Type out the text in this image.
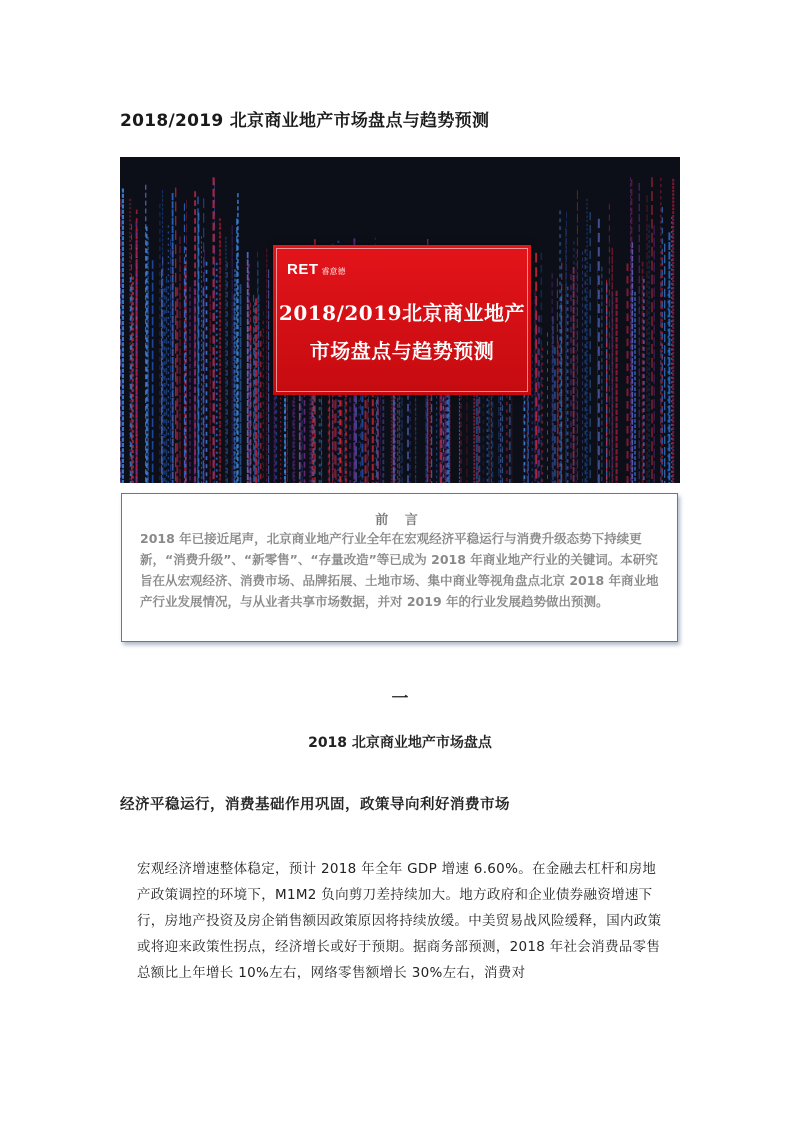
2018/2019 北京商业地产市场盘点与趋势预测
RET 睿意德
2018/2019北京商业地产
市场盘点与趋势预测
前 言
2018 年已接近尾声，北京商业地产行业全年在宏观经济平稳运行与消费升级态势下持续更新，“消费升级”、“新零售”、“存量改造”等已成为 2018 年商业地产行业的关键词。本研究旨在从宏观经济、消费市场、品牌拓展、土地市场、集中商业等视角盘点北京 2018 年商业地产行业发展情况，与从业者共享市场数据，并对 2019 年的行业发展趋势做出预测。
一
2018 北京商业地产市场盘点
经济平稳运行，消费基础作用巩固，政策导向利好消费市场
宏观经济增速整体稳定，预计 2018 年全年 GDP 增速 6.60%。在金融去杠杆和房地产政策调控的环境下，M1M2 负向剪刀差持续加大。地方政府和企业债券融资增速下行，房地产投资及房企销售额因政策原因将持续放缓。中美贸易战风险缓释，国内政策或将迎来政策性拐点，经济增长或好于预期。据商务部预测，2018 年社会消费品零售总额比上年增长 10%左右，网络零售额增长 30%左右，消费对
